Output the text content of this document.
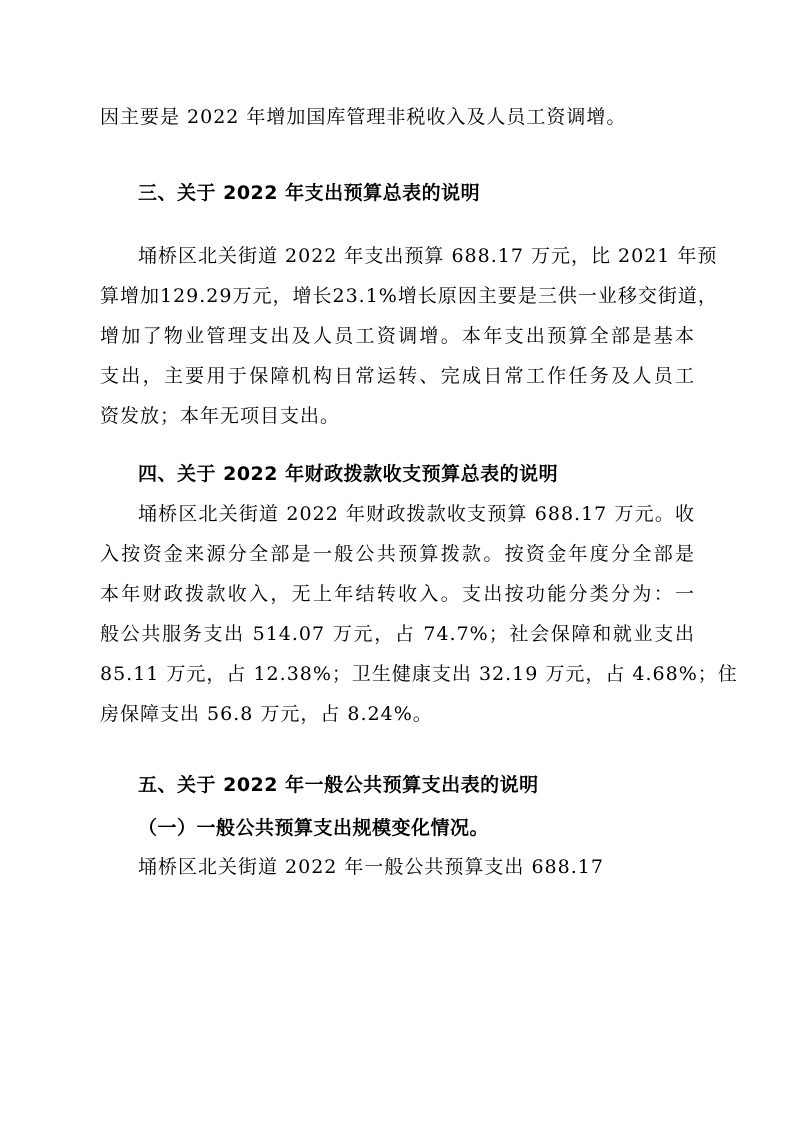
因主要是 2022 年增加国库管理非税收入及人员工资调增。
三、关于 2022 年支出预算总表的说明
埇桥区北关街道 2022 年支出预算 688.17 万元，比 2021 年预
算增加129.29万元，增长23.1%增长原因主要是三供一业移交街道，
增加了物业管理支出及人员工资调增。本年支出预算全部是基本
支出，主要用于保障机构日常运转、完成日常工作任务及人员工
资发放；本年无项目支出。
四、关于 2022 年财政拨款收支预算总表的说明
埇桥区北关街道 2022 年财政拨款收支预算 688.17 万元。收
入按资金来源分全部是一般公共预算拨款。按资金年度分全部是
本年财政拨款收入，无上年结转收入。支出按功能分类分为：一
般公共服务支出 514.07 万元，占 74.7%；社会保障和就业支出
85.11 万元，占 12.38%；卫生健康支出 32.19 万元，占 4.68%；住
房保障支出 56.8 万元，占 8.24%。
五、关于 2022 年一般公共预算支出表的说明
（一）一般公共预算支出规模变化情况。
埇桥区北关街道 2022 年一般公共预算支出 688.17
